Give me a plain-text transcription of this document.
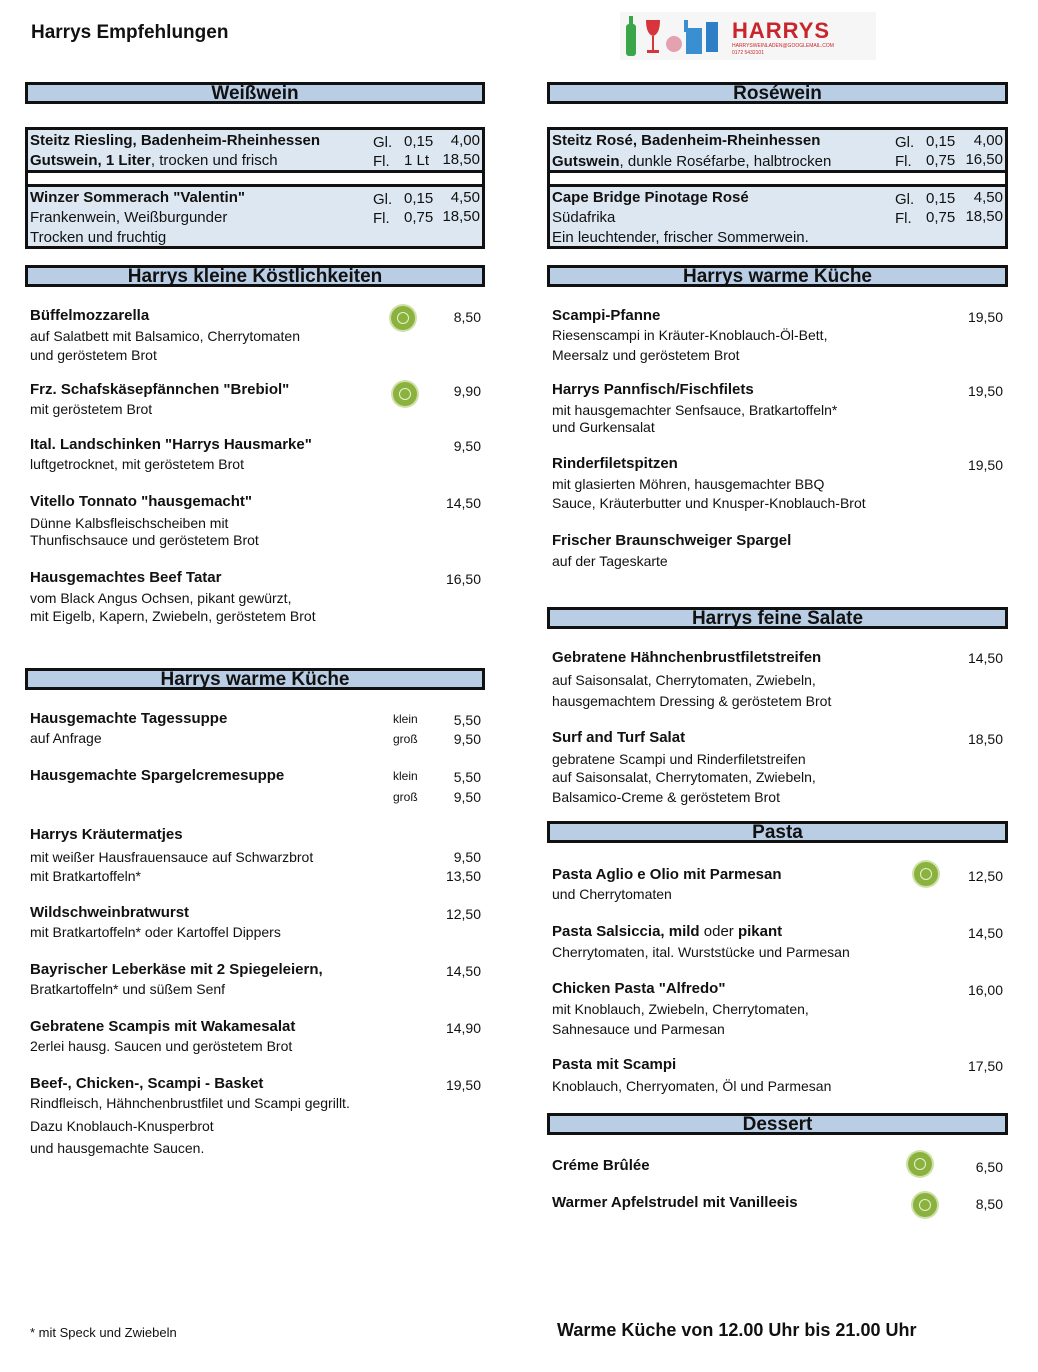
Harrys Empfehlungen	HARRYS
HARRYSWEINLADEN@GOOGLEMAIL.COM
0172 5432101
Weißwein	Roséwein
Harrys kleine Köstlichkeiten	Harrys warme Küche
Harrys warme Küche
Harrys feine Salate
Pasta
Dessert
Steitz Riesling, Badenheim-Rheinhessen	Gl. 0,15 4,00
Gutswein, 1 Liter, trocken und frisch	Fl. 1 Lt 18,50
Winzer Sommerach "Valentin"	Gl. 0,15 4,50
Frankenwein, Weißburgunder	Fl. 0,75 18,50
Trocken und fruchtig
Steitz Rosé, Badenheim-Rheinhessen	Gl. 0,15 4,00
Gutswein, dunkle Roséfarbe, halbtrocken	Fl. 0,75 16,50
Cape Bridge Pinotage Rosé	Gl. 0,15 4,50
Südafrika	Fl. 0,75 18,50
Ein leuchtender, frischer Sommerwein.
Büffelmozzarella
auf Salatbett mit Balsamico, Cherrytomaten
und geröstetem Brot
8,50
Frz. Schafskäsepfännchen "Brebiol"
mit geröstetem Brot
9,90
Ital. Landschinken "Harrys Hausmarke"
luftgetrocknet, mit geröstetem Brot
9,50
Vitello Tonnato "hausgemacht"
Dünne Kalbsfleischscheiben mit
Thunfischsauce und geröstetem Brot
14,50
Hausgemachtes Beef Tatar
vom Black Angus Ochsen, pikant gewürzt,
mit Eigelb, Kapern, Zwiebeln, geröstetem Brot
16,50
Hausgemachte Tagessuppe
auf Anfrage
klein	5,50
groß	9,50
Hausgemachte Spargelcremesuppe	klein	5,50
groß	9,50
Harrys Kräutermatjes
mit weißer Hausfrauensauce auf Schwarzbrot
mit Bratkartoffeln*
9,50
13,50
Wildschweinbratwurst
mit Bratkartoffeln* oder Kartoffel Dippers
12,50
Bayrischer Leberkäse mit 2 Spiegeleiern,
Bratkartoffeln* und süßem Senf
14,50
Gebratene Scampis mit Wakamesalat
2erlei hausg. Saucen und geröstetem Brot
14,90
Beef-, Chicken-, Scampi - Basket
Rindfleisch, Hähnchenbrustfilet und Scampi gegrillt.
Dazu Knoblauch-Knusperbrot
und hausgemachte Saucen.
19,50
Scampi-Pfanne
Riesenscampi in Kräuter-Knoblauch-Öl-Bett,
Meersalz und geröstetem Brot
19,50
Harrys Pannfisch/Fischfilets
mit hausgemachter Senfsauce, Bratkartoffeln*
und Gurkensalat
19,50
Rinderfiletspitzen
mit glasierten Möhren, hausgemachter BBQ
Sauce, Kräuterbutter und Knusper-Knoblauch-Brot
19,50
Frischer Braunschweiger Spargel
auf der Tageskarte
Gebratene Hähnchenbrustfiletstreifen
auf Saisonsalat, Cherrytomaten, Zwiebeln,
hausgemachtem Dressing & geröstetem Brot
14,50
Surf and Turf Salat
gebratene Scampi und Rinderfiletstreifen
auf Saisonsalat, Cherrytomaten, Zwiebeln,
Balsamico-Creme & geröstetem Brot
18,50
Pasta Aglio e Olio mit Parmesan
und Cherrytomaten
12,50
Pasta Salsiccia, mild oder pikant
Cherrytomaten, ital. Wurststücke und Parmesan
14,50
Chicken Pasta "Alfredo"
mit Knoblauch, Zwiebeln, Cherrytomaten,
Sahnesauce und Parmesan
16,00
Pasta mit Scampi
Knoblauch, Cherryomaten, Öl und Parmesan
17,50
Créme Brûlée	6,50
Warmer Apfelstrudel mit Vanilleeis	8,50
* mit Speck und Zwiebeln	Warme Küche von 12.00 Uhr bis 21.00 Uhr
